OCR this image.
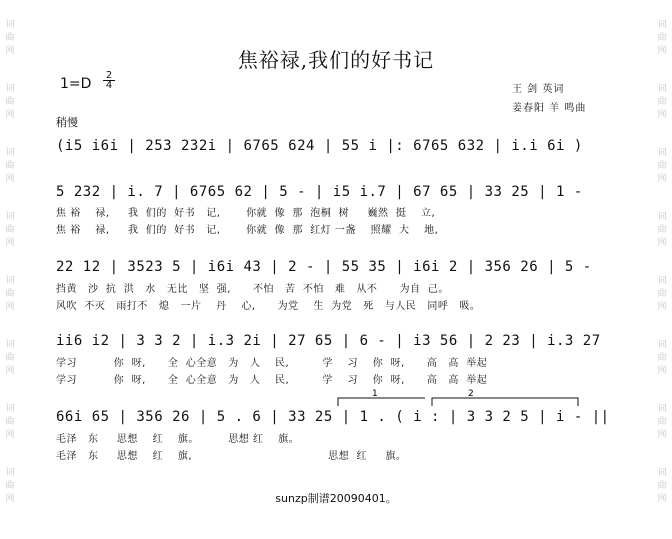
词
曲
网
词
曲
网
词
曲
网
词
曲
网
词
曲
网
词
曲
网
词
曲
网
词
曲
网
词
曲
网
词
曲
网
词
曲
网
词
曲
网
词
曲
网
词
曲
网
词
曲
网
词
曲
网
焦裕禄,我们的好书记
$1=D \frac{2}{4}$	王 剑 英词
姜春阳 羊 鸣曲
稍慢
(i5 i6i | 253 232i | 6765 624 | 55 i |: 6765 632 | i.i 6i )
5 232 | i. 7 | 6765 62 | 5 - | i5 i.7 | 67 65 | 33 25 | 1 -
焦 裕    禄,     我  们的  好书   记,       你就  像  那  泡桐  树     巍然  挺    立,
焦 裕    禄,     我  们的  好书   记,       你就  像  那  红灯 一盏    照耀  大    地,
22 12 | 3523 5 | i6i 43 | 2 - | 55 35 | i6i 2 | 356 26 | 5 -
挡黄   沙  抗  洪   水   无比   坚  强,      不怕   苦  不怕   难   从不      为自  己。
风吹  不灭   雨打不   熄   一片    丹    心,      为党    生  为党   死   与人民   同呼   吸。
ii6 i2 | 3 3 2 | i.3 2i | 27 65 | 6 - | i3 56 | 2 23 | i.3 27
学习          你  呀,      全  心全意   为   人    民,         学    习    你  呀,      高   高  举起
学习          你  呀,      全  心全意   为   人    民,         学    习    你  呀,      高   高  举起
66i 65 | 356 26 | 5 . 6 | 33 25 | 1 . ( i : | 3 3 2 5 | i - ||
毛泽   东     思想    红    旗。        思想 红    旗。
毛泽   东     思想    红    旗,                                     思想  红     旗。
1	2
sunzp制谱20090401。
